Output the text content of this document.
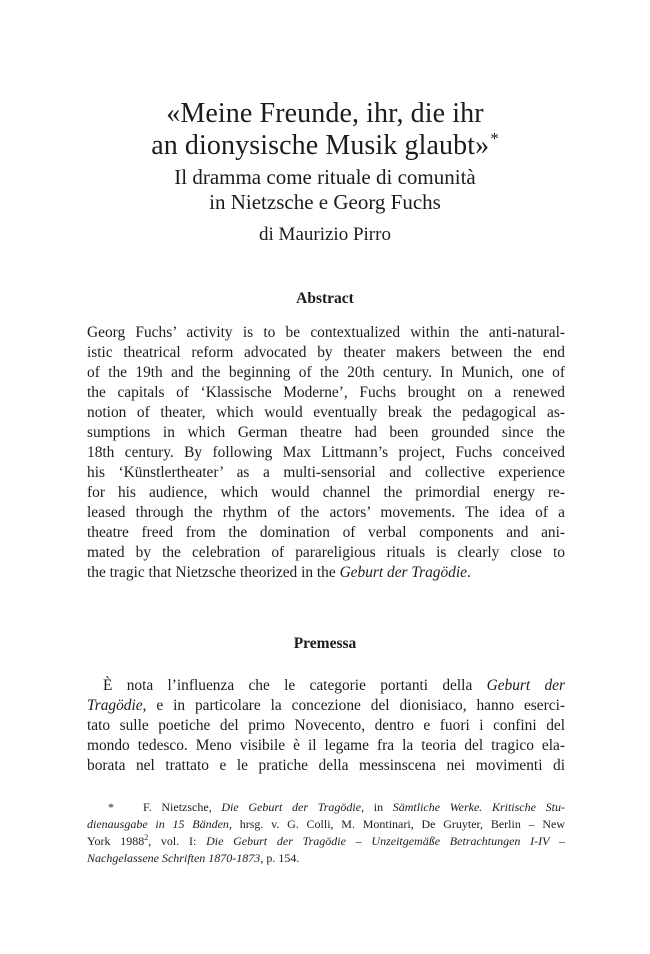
«Meine Freunde, ihr, die ihr
an dionysische Musik glaubt»*
Il dramma come rituale di comunità
in Nietzsche e Georg Fuchs
di Maurizio Pirro
Abstract
Georg Fuchs’ activity is to be contextualized within the anti-natural-
istic theatrical reform advocated by theater makers between the end
of the 19th and the beginning of the 20th century. In Munich, one of
the capitals of ‘Klassische Moderne’, Fuchs brought on a renewed
notion of theater, which would eventually break the pedagogical as-
sumptions in which German theatre had been grounded since the
18th century. By following Max Littmann’s project, Fuchs conceived
his ‘Künstlertheater’ as a multi-sensorial and collective experience
for his audience, which would channel the primordial energy re-
leased through the rhythm of the actors’ movements. The idea of a
theatre freed from the domination of verbal components and ani-
mated by the celebration of parareligious rituals is clearly close to
the tragic that Nietzsche theorized in the Geburt der Tragödie.
Premessa
È nota l’influenza che le categorie portanti della Geburt der
Tragödie, e in particolare la concezione del dionisiaco, hanno eserci-
tato sulle poetiche del primo Novecento, dentro e fuori i confini del
mondo tedesco. Meno visibile è il legame fra la teoria del tragico ela-
borata nel trattato e le pratiche della messinscena nei movimenti di
* F. Nietzsche, Die Geburt der Tragödie, in Sämtliche Werke. Kritische Stu-
dienausgabe in 15 Bänden, hrsg. v. G. Colli, M. Montinari, De Gruyter, Berlin – New
York 1988$^2$, vol. I: Die Geburt der Tragödie – Unzeitgemäße Betrachtungen I-IV –
Nachgelassene Schriften 1870-1873, p. 154.
